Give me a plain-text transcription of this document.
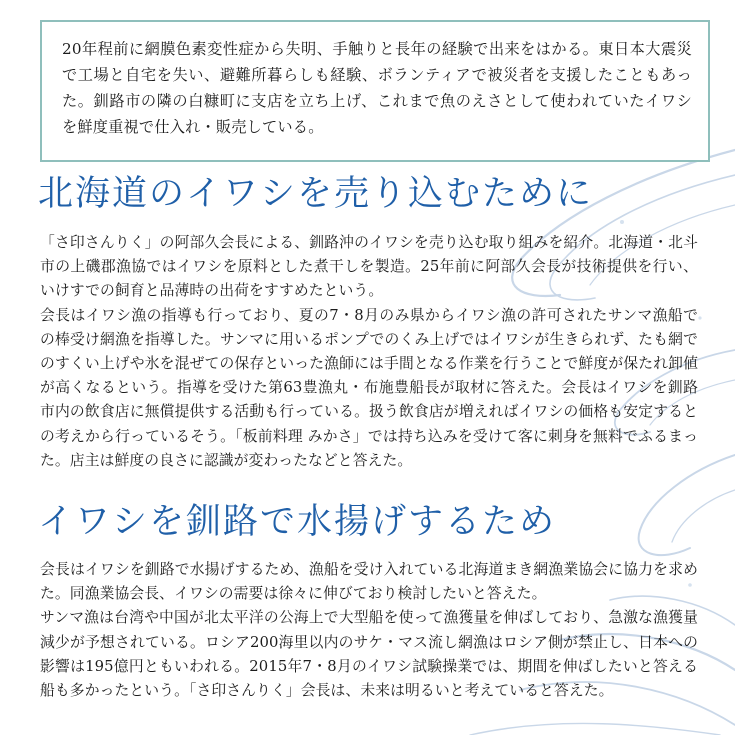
20年程前に網膜色素変性症から失明、手触りと長年の経験で出来をはかる。東日本大震災で工場と自宅を失い、避難所暮らしも経験、ボランティアで被災者を支援したこともあった。釧路市の隣の白糠町に支店を立ち上げ、これまで魚のえさとして使われていたイワシを鮮度重視で仕入れ・販売している。
北海道のイワシを売り込むために

「さ印さんりく」の阿部久会長による、釧路沖のイワシを売り込む取り組みを紹介。北海道・北斗市の上磯郡漁協ではイワシを原料とした煮干しを製造。25年前に阿部久会長が技術提供を行い、いけすでの飼育と品薄時の出荷をすすめたという。

会長はイワシ漁の指導も行っており、夏の7・8月のみ県からイワシ漁の許可されたサンマ漁船での棒受け網漁を指導した。サンマに用いるポンプでのくみ上げではイワシが生きられず、たも網でのすくい上げや氷を混ぜての保存といった漁師には手間となる作業を行うことで鮮度が保たれ卸値が高くなるという。指導を受けた第63豊漁丸・布施豊船長が取材に答えた。会長はイワシを釧路市内の飲食店に無償提供する活動も行っている。扱う飲食店が増えればイワシの価格も安定するとの考えから行っているそう。「板前料理 みかさ」では持ち込みを受けて客に刺身を無料でふるまった。店主は鮮度の良さに認識が変わったなどと答えた。

イワシを釧路で水揚げするため

会長はイワシを釧路で水揚げするため、漁船を受け入れている北海道まき網漁業協会に協力を求めた。同漁業協会長、イワシの需要は徐々に伸びており検討したいと答えた。

サンマ漁は台湾や中国が北太平洋の公海上で大型船を使って漁獲量を伸ばしており、急激な漁獲量減少が予想されている。ロシア200海里以内のサケ・マス流し網漁はロシア側が禁止し、日本への影響は195億円ともいわれる。2015年7・8月のイワシ試験操業では、期間を伸ばしたいと答える船も多かったという。「さ印さんりく」会長は、未来は明るいと考えていると答えた。
